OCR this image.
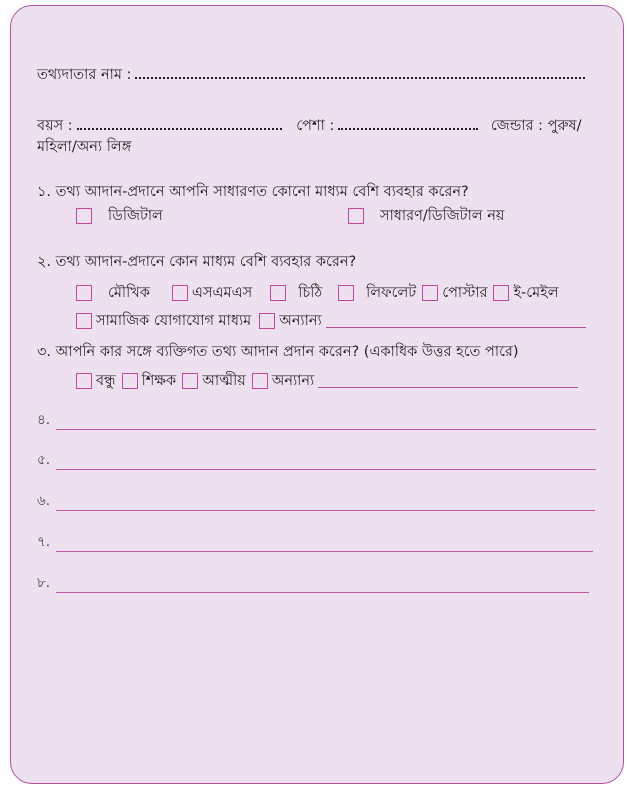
তথ্যদাতার নাম :
বয়স :	পেশা :	জেন্ডার : পুরুষ/
মহিলা/অন্য লিঙ্গ
১. তথ্য আদান-প্রদানে আপনি সাধারণত কোনো মাধ্যম বেশি ব্যবহার করেন?
ডিজিটাল	সাধারণ/ডিজিটাল নয়
২. তথ্য আদান-প্রদানে কোন মাধ্যম বেশি ব্যবহার করেন?
মৌখিক	এসএমএস	চিঠি	লিফলেট পোস্টার ই-মেইল
সামাজিক যোগাযোগ মাধ্যম অন্যান্য
৩. আপনি কার সঙ্গে ব্যক্তিগত তথ্য আদান প্রদান করেন? (একাধিক উত্তর হতে পারে)
বন্ধু শিক্ষক আত্মীয় অন্যান্য
৪.
৫.
৬.
৭.
৮.
